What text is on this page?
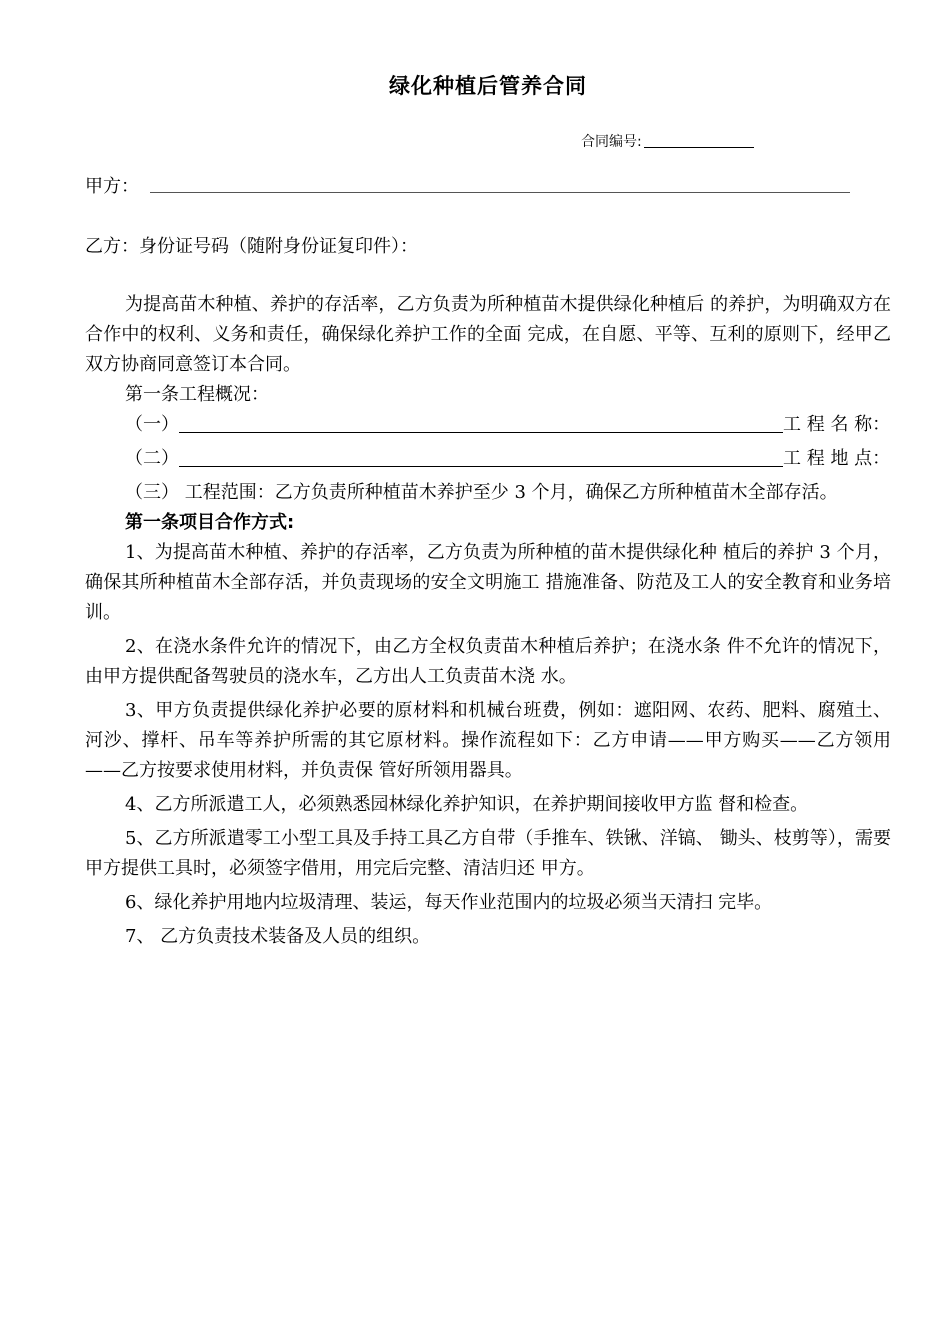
绿化种植后管养合同
合同编号:
甲方：
乙方：身份证号码（随附身份证复印件）：

为提高苗木种植、养护的存活率，乙方负责为所种植苗木提供绿化种植后 的养护，为明确双方在合作中的权利、义务和责任，确保绿化养护工作的全面 完成，在自愿、平等、互利的原则下，经甲乙双方协商同意签订本合同。

第一条工程概况：

（一）	工 程 名 称：

（二）	工 程 地 点：

（三） 工程范围：乙方负责所种植苗木养护至少 3 个月，确保乙方所种植苗木全部存活。

第一条项目合作方式:

1、为提高苗木种植、养护的存活率，乙方负责为所种植的苗木提供绿化种 植后的养护 3 个月，确保其所种植苗木全部存活，并负责现场的安全文明施工 措施准备、防范及工人的安全教育和业务培训。

2、在浇水条件允许的情况下，由乙方全权负责苗木种植后养护；在浇水条 件不允许的情况下，由甲方提供配备驾驶员的浇水车，乙方出人工负责苗木浇 水。

3、甲方负责提供绿化养护必要的原材料和机械台班费，例如：遮阳网、农药、肥料、腐殖土、河沙、撑杆、吊车等养护所需的其它原材料。操作流程如下：乙方申请——甲方购买——乙方领用——乙方按要求使用材料，并负责保 管好所领用器具。

4、乙方所派遣工人，必须熟悉园林绿化养护知识，在养护期间接收甲方监 督和检查。

5、乙方所派遣零工小型工具及手持工具乙方自带（手推车、铁锹、洋镐、 锄头、枝剪等），需要甲方提供工具时，必须签字借用，用完后完整、清洁归还 甲方。

6、绿化养护用地内垃圾清理、装运，每天作业范围内的垃圾必须当天清扫 完毕。

7、 乙方负责技术装备及人员的组织。
